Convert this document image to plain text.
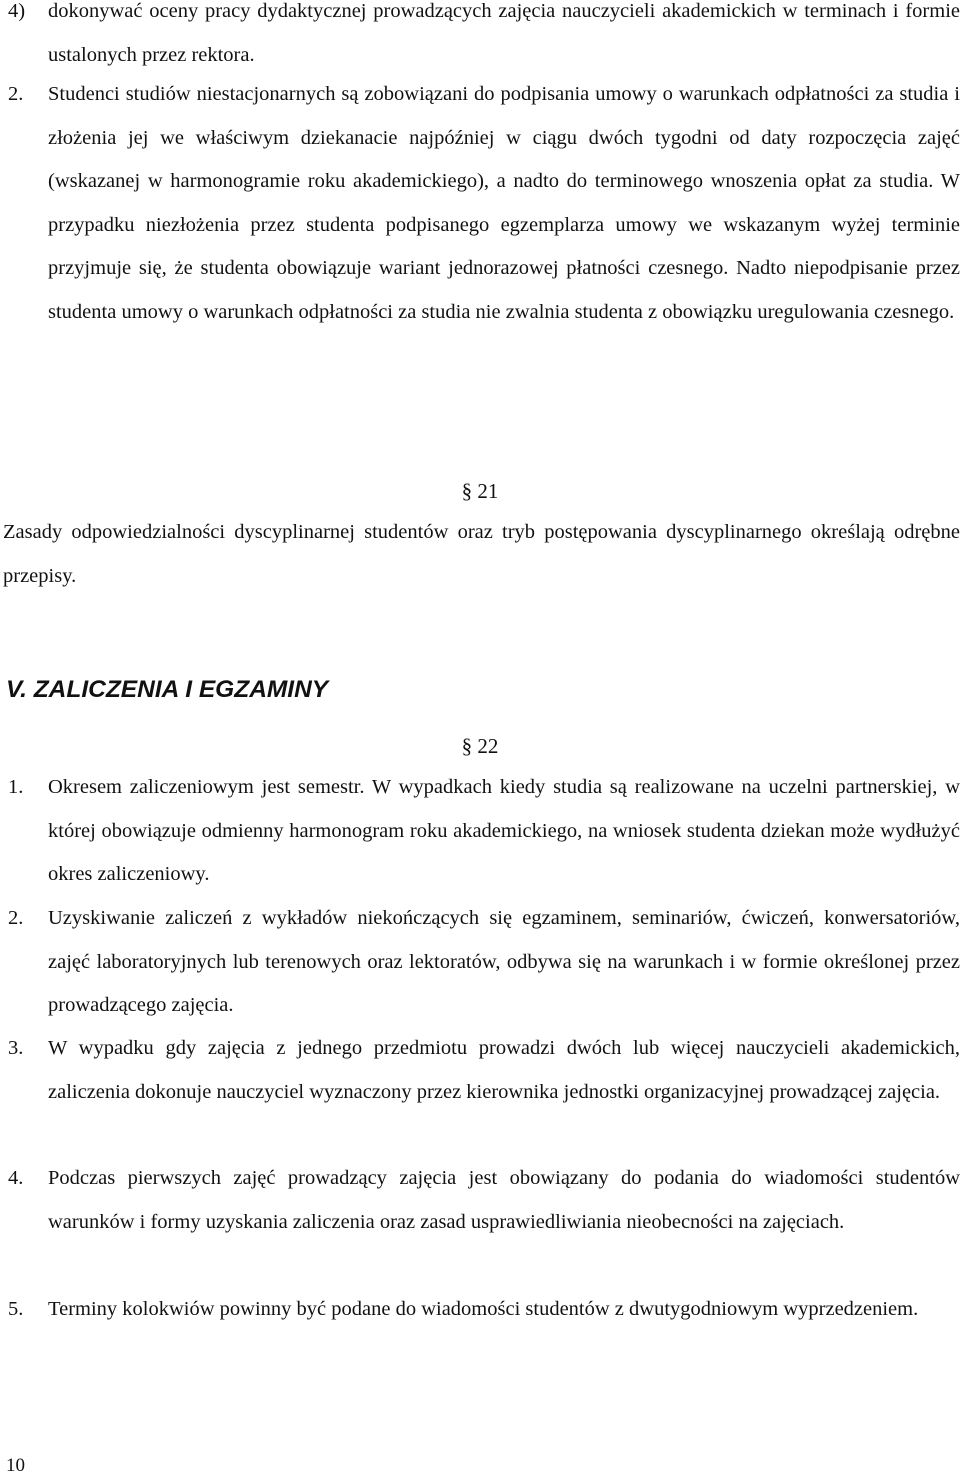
4) dokonywać oceny pracy dydaktycznej prowadzących zajęcia nauczycieli akademickich w terminach i formie ustalonych przez rektora.
2. Studenci studiów niestacjonarnych są zobowiązani do podpisania umowy o warunkach odpłatności za studia i złożenia jej we właściwym dziekanacie najpóźniej w ciągu dwóch tygodni od daty rozpoczęcia zajęć (wskazanej w harmonogramie roku akademickiego), a nadto do terminowego wnoszenia opłat za studia. W przypadku niezłożenia przez studenta podpisanego egzemplarza umowy we wskazanym wyżej terminie przyjmuje się, że studenta obowiązuje wariant jednorazowej płatności czesnego. Nadto niepodpisanie przez studenta umowy o warunkach odpłatności za studia nie zwalnia studenta z obowiązku uregulowania czesnego.
§ 21
Zasady odpowiedzialności dyscyplinarnej studentów oraz tryb postępowania dyscyplinarnego określają odrębne przepisy.
V. ZALICZENIA I EGZAMINY
§ 22
1. Okresem zaliczeniowym jest semestr. W wypadkach kiedy studia są realizowane na uczelni partnerskiej, w której obowiązuje odmienny harmonogram roku akademickiego, na wniosek studenta dziekan może wydłużyć okres zaliczeniowy.
2. Uzyskiwanie zaliczeń z wykładów niekończących się egzaminem, seminariów, ćwiczeń, konwersatoriów, zajęć laboratoryjnych lub terenowych oraz lektoratów, odbywa się na warunkach i w formie określonej przez prowadzącego zajęcia.
3. W wypadku gdy zajęcia z jednego przedmiotu prowadzi dwóch lub więcej nauczycieli akademickich, zaliczenia dokonuje nauczyciel wyznaczony przez kierownika jednostki organizacyjnej prowadzącej zajęcia.
4. Podczas pierwszych zajęć prowadzący zajęcia jest obowiązany do podania do wiadomości studentów warunków i formy uzyskania zaliczenia oraz zasad usprawiedliwiania nieobecności na zajęciach.
5. Terminy kolokwiów powinny być podane do wiadomości studentów z dwutygodniowym wyprzedzeniem.
10
